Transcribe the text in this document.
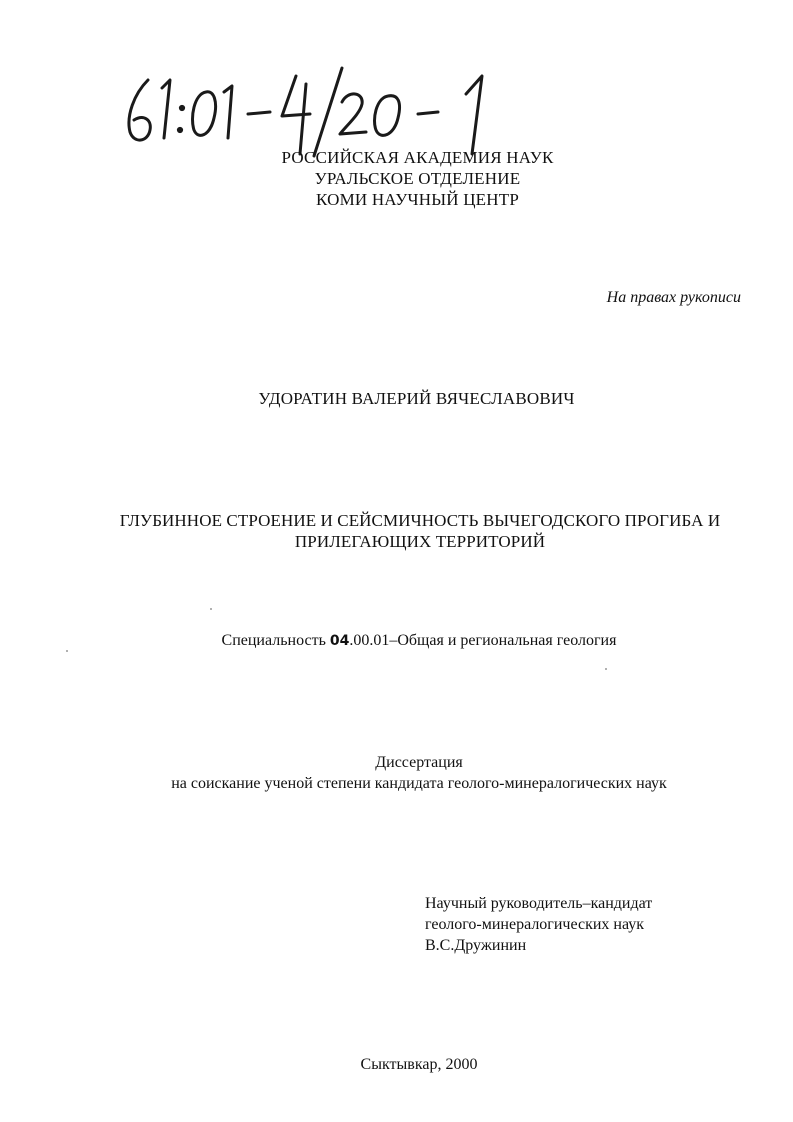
РОССИЙСКАЯ АКАДЕМИЯ НАУК
УРАЛЬСКОЕ ОТДЕЛЕНИЕ
КОМИ НАУЧНЫЙ ЦЕНТР
На правах рукописи
УДОРАТИН ВАЛЕРИЙ ВЯЧЕСЛАВОВИЧ
ГЛУБИННОЕ СТРОЕНИЕ И СЕЙСМИЧНОСТЬ ВЫЧЕГОДСКОГО ПРОГИБА И
ПРИЛЕГАЮЩИХ ТЕРРИТОРИЙ
Специальность 04.00.01–Общая и региональная геология
Диссертация
на соискание ученой степени кандидата геолого-минералогических наук
Научный руководитель–кандидат
геолого-минералогических наук
В.С.Дружинин
Сыктывкар, 2000
